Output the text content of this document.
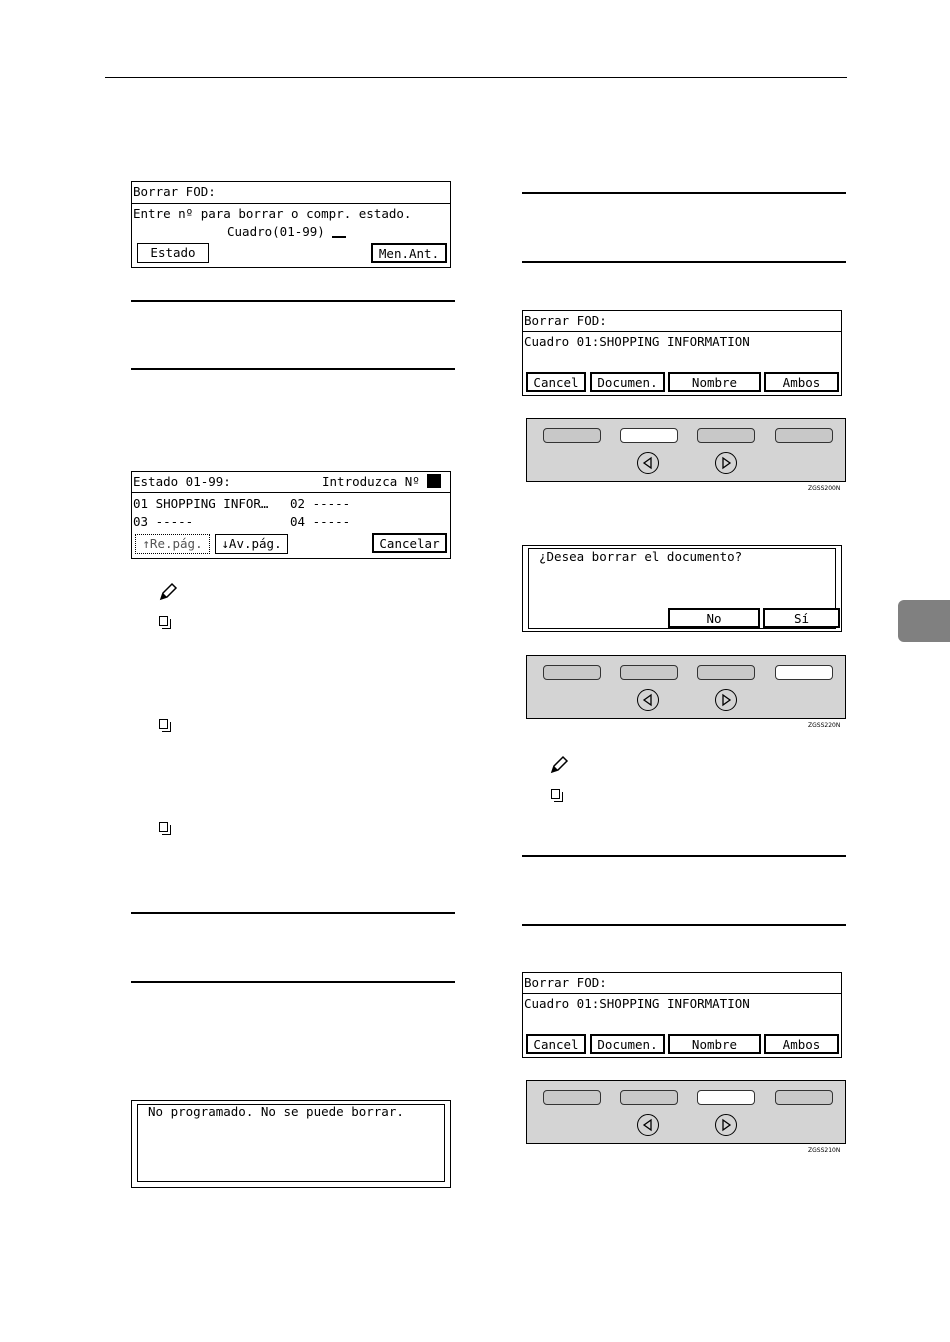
Borrar FOD:
Entre nº para borrar o compr. estado.
Cuadro(01-99)
Estado	Men.Ant.
Estado 01-99:	Introduzca Nº
01 SHOPPING INFOR…	02 -----
03 -----	04 -----
↑Re.pág.	↓Av.pág.	Cancelar
No programado. No se puede borrar.
Borrar FOD:
Cuadro 01:SHOPPING INFORMATION
Cancel	Documen.	Nombre	Ambos
ZGSS200N
¿Desea borrar el documento?
No	Sí
ZGSS220N
Borrar FOD:
Cuadro 01:SHOPPING INFORMATION
Cancel	Documen.	Nombre	Ambos
ZGSS210N
